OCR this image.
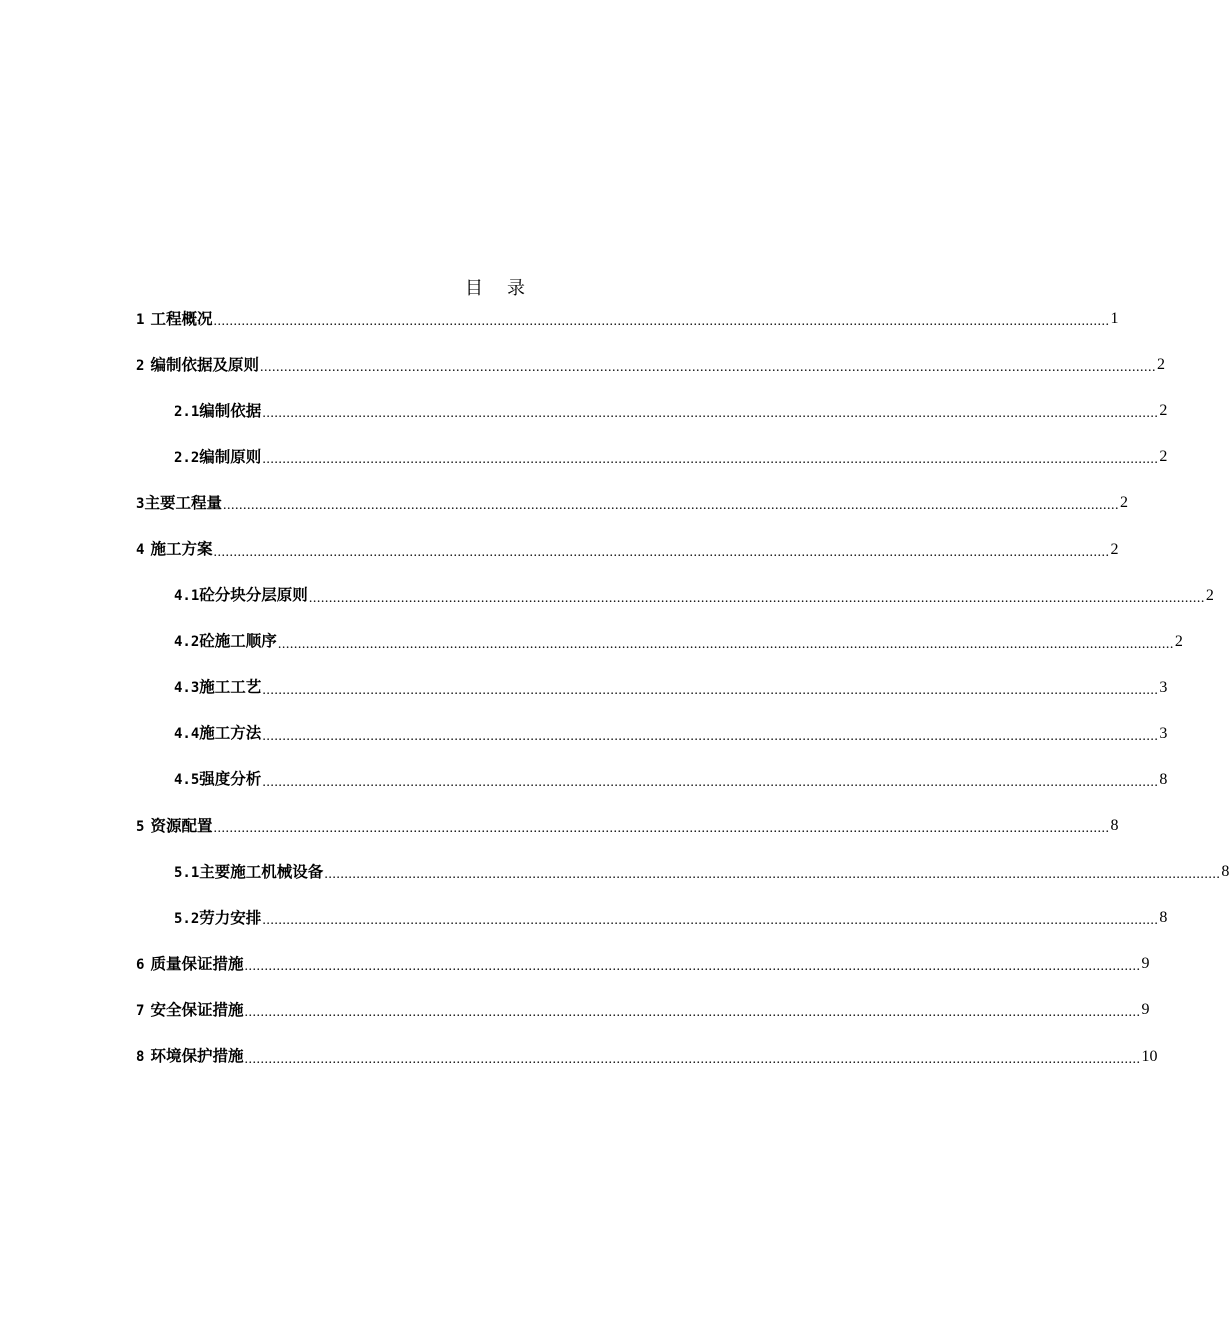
目 录
1工程概况 ................................................................................................................................................................................................................................ 1
2编制依据及原则 ................................................................................................................................................................................................................................ 2
2.1编制依据 ................................................................................................................................................................................................................................ 2
2.2编制原则 ................................................................................................................................................................................................................................ 2
3主要工程量 ................................................................................................................................................................................................................................ 2
4施工方案 ................................................................................................................................................................................................................................ 2
4.1砼分块分层原则 ................................................................................................................................................................................................................................ 2
4.2砼施工顺序 ................................................................................................................................................................................................................................ 2
4.3施工工艺 ................................................................................................................................................................................................................................ 3
4.4施工方法 ................................................................................................................................................................................................................................ 3
4.5强度分析 ................................................................................................................................................................................................................................ 8
5资源配置 ................................................................................................................................................................................................................................ 8
5.1主要施工机械设备 ................................................................................................................................................................................................................................ 8
5.2劳力安排 ................................................................................................................................................................................................................................ 8
6质量保证措施 ................................................................................................................................................................................................................................ 9
7安全保证措施 ................................................................................................................................................................................................................................ 9
8环境保护措施 ................................................................................................................................................................................................................................ 10
